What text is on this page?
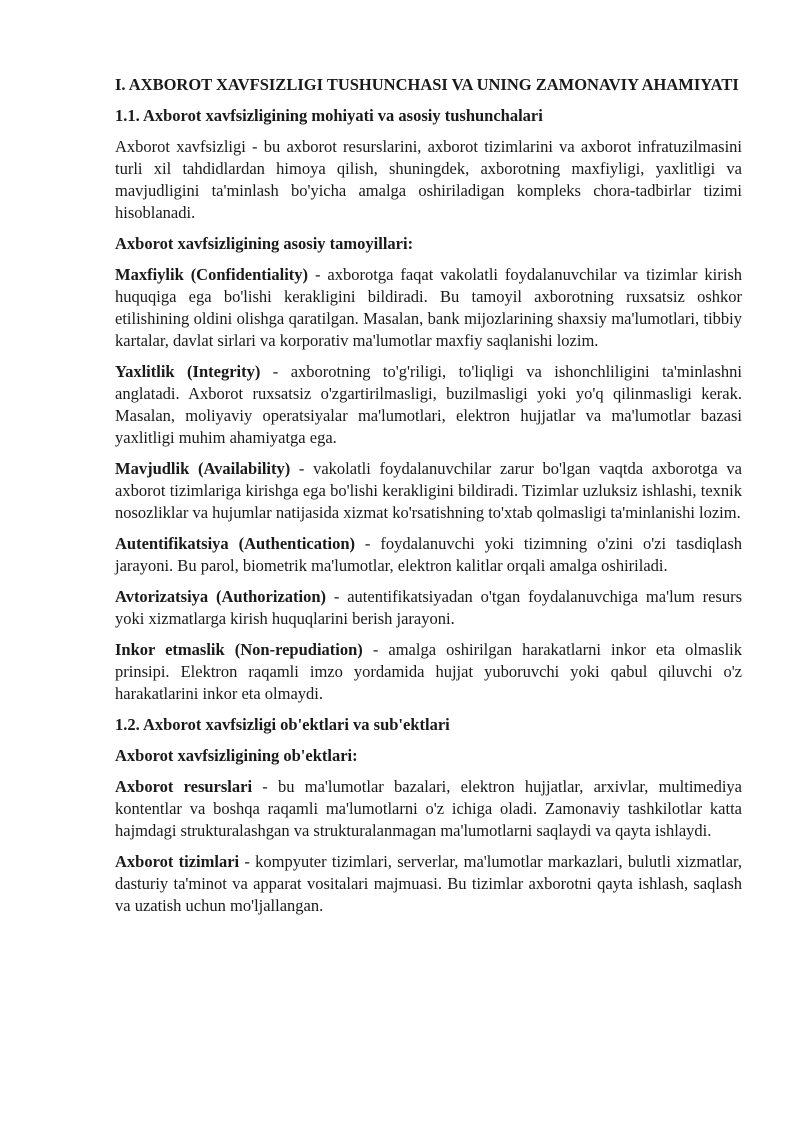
I. AXBOROT XAVFSIZLIGI TUSHUNCHASI VA UNING ZAMONAVIY AHAMIYATI
1.1. Axborot xavfsizligining mohiyati va asosiy tushunchalari

Axborot xavfsizligi - bu axborot resurslarini, axborot tizimlarini va axborot infratuzilmasini turli xil tahdidlardan himoya qilish, shuningdek, axborotning maxfiyligi, yaxlitligi va mavjudligini ta'minlash bo'yicha amalga oshiriladigan kompleks chora-tadbirlar tizimi hisoblanadi.

Axborot xavfsizligining asosiy tamoyillari:

Maxfiylik (Confidentiality) - axborotga faqat vakolatli foydalanuvchilar va tizimlar kirish huquqiga ega bo'lishi kerakligini bildiradi. Bu tamoyil axborotning ruxsatsiz oshkor etilishining oldini olishga qaratilgan. Masalan, bank mijozlarining shaxsiy ma'lumotlari, tibbiy kartalar, davlat sirlari va korporativ ma'lumotlar maxfiy saqlanishi lozim.

Yaxlitlik (Integrity) - axborotning to'g'riligi, to'liqligi va ishonchliligini ta'minlashni anglatadi. Axborot ruxsatsiz o'zgartirilmasligi, buzilmasligi yoki yo'q qilinmasligi kerak. Masalan, moliyaviy operatsiyalar ma'lumotlari, elektron hujjatlar va ma'lumotlar bazasi yaxlitligi muhim ahamiyatga ega.

Mavjudlik (Availability) - vakolatli foydalanuvchilar zarur bo'lgan vaqtda axborotga va axborot tizimlariga kirishga ega bo'lishi kerakligini bildiradi. Tizimlar uzluksiz ishlashi, texnik nosozliklar va hujumlar natijasida xizmat ko'rsatishning to'xtab qolmasligi ta'minlanishi lozim.

Autentifikatsiya (Authentication) - foydalanuvchi yoki tizimning o'zini o'zi tasdiqlash jarayoni. Bu parol, biometrik ma'lumotlar, elektron kalitlar orqali amalga oshiriladi.

Avtorizatsiya (Authorization) - autentifikatsiyadan o'tgan foydalanuvchiga ma'lum resurs yoki xizmatlarga kirish huquqlarini berish jarayoni.

Inkor etmaslik (Non-repudiation) - amalga oshirilgan harakatlarni inkor eta olmaslik prinsipi. Elektron raqamli imzo yordamida hujjat yuboruvchi yoki qabul qiluvchi o'z harakatlarini inkor eta olmaydi.

1.2. Axborot xavfsizligi ob'ektlari va sub'ektlari
Axborot xavfsizligining ob'ektlari:

Axborot resurslari - bu ma'lumotlar bazalari, elektron hujjatlar, arxivlar, multimediya kontentlar va boshqa raqamli ma'lumotlarni o'z ichiga oladi. Zamonaviy tashkilotlar katta hajmdagi strukturalashgan va strukturalanmagan ma'lumotlarni saqlaydi va qayta ishlaydi.

Axborot tizimlari - kompyuter tizimlari, serverlar, ma'lumotlar markazlari, bulutli xizmatlar, dasturiy ta'minot va apparat vositalari majmuasi. Bu tizimlar axborotni qayta ishlash, saqlash va uzatish uchun mo'ljallangan.
